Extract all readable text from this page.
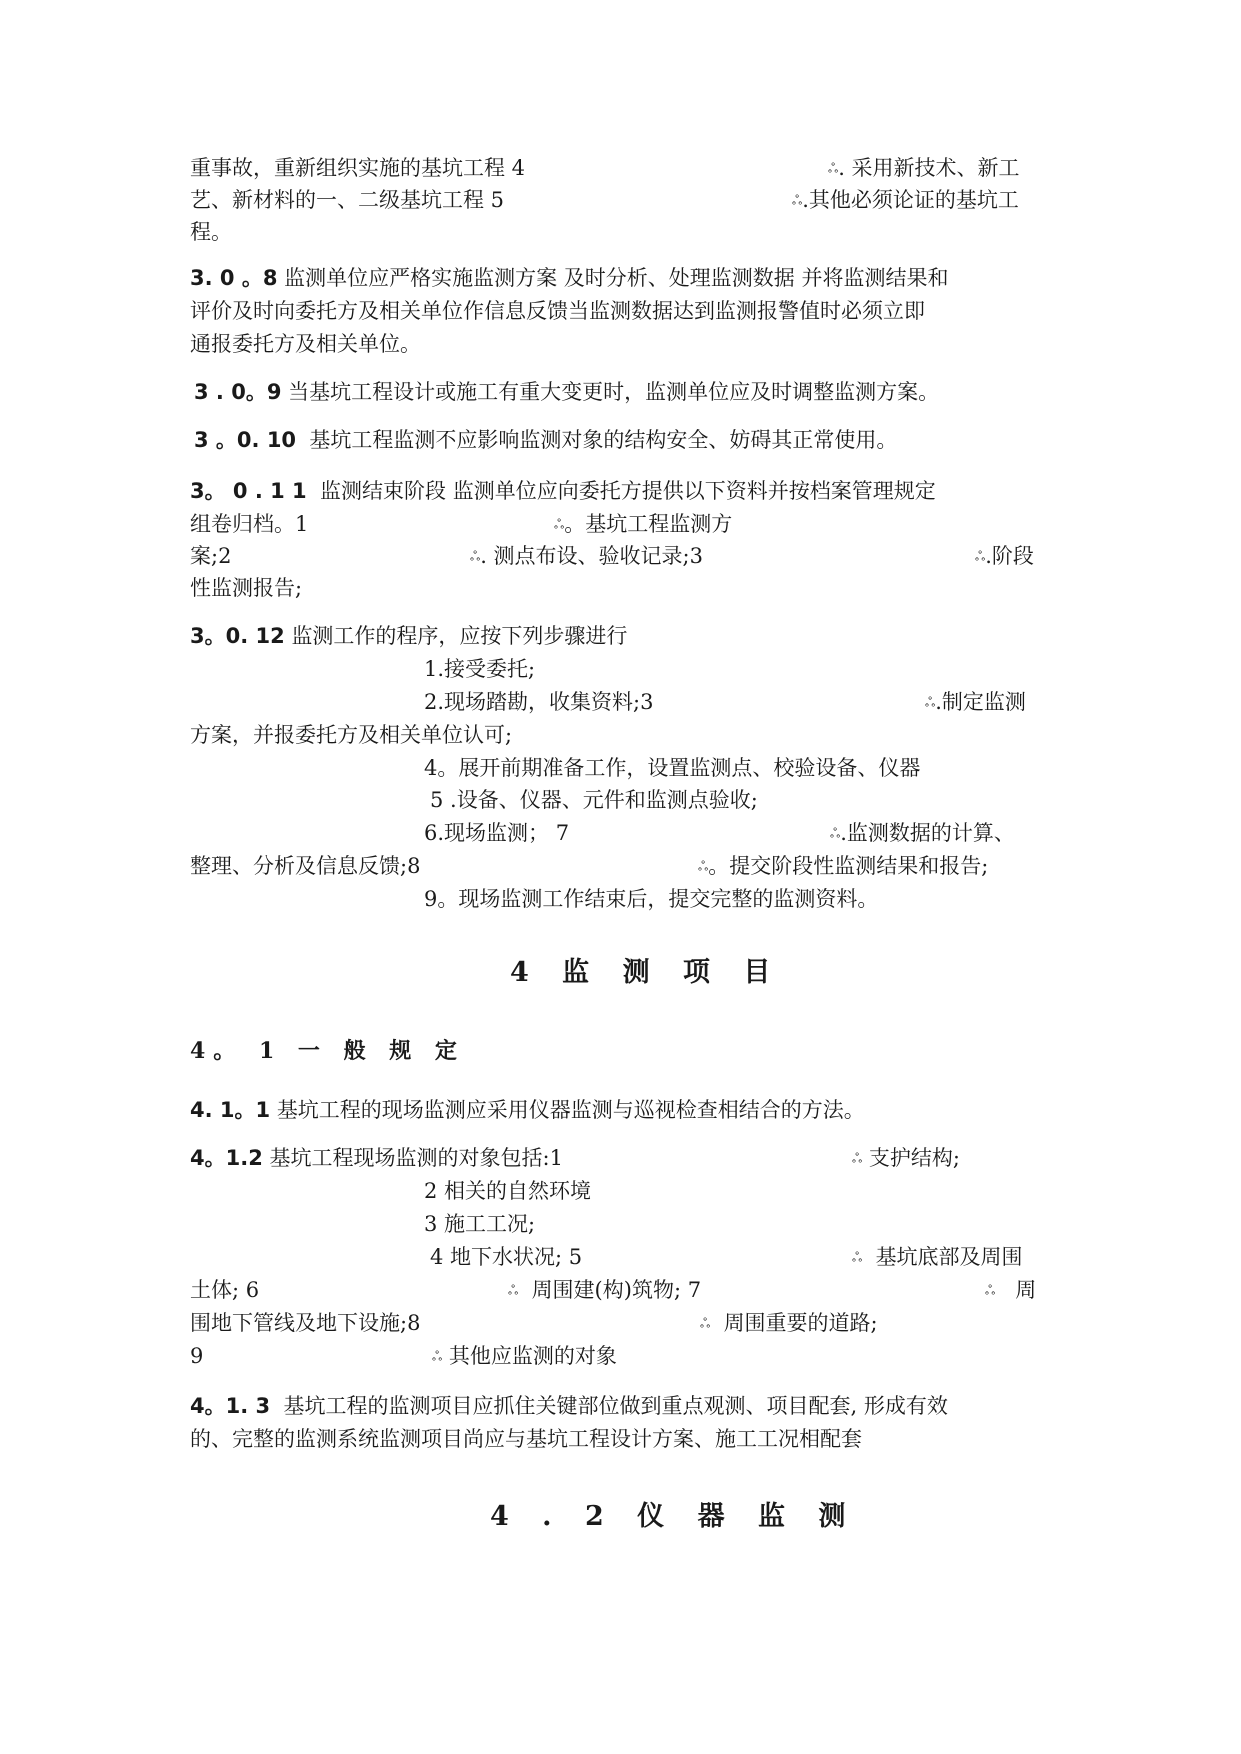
重事故，重新组织实施的基坑工程 4	ஃ. 采用新技术、新工
艺、新材料的一、二级基坑工程 5	ஃ.其他必须论证的基坑工
程。
3. 0 。8 监测单位应严格实施监测方案 及时分析、处理监测数据 并将监测结果和
评价及时向委托方及相关单位作信息反馈当监测数据达到监测报警值时必须立即
通报委托方及相关单位。
3 . 0。9 当基坑工程设计或施工有重大变更时，监测单位应及时调整监测方案。
3 。0. 10 基坑工程监测不应影响监测对象的结构安全、妨碍其正常使用。
3。 0 . 1 1 监测结束阶段 监测单位应向委托方提供以下资料并按档案管理规定
组卷归档。1	ஃ。基坑工程监测方
案;2	ஃ. 测点布设、验收记录;3	ஃ.阶段
性监测报告;
3。0. 12 监测工作的程序，应按下列步骤进行
1.接受委托;
2.现场踏勘，收集资料;3	ஃ.制定监测
方案，并报委托方及相关单位认可;
4。展开前期准备工作，设置监测点、校验设备、仪器
5 .设备、仪器、元件和监测点验收;
6.现场监测； 7	ஃ.监测数据的计算、
整理、分析及信息反馈;8	ஃ。提交阶段性监测结果和报告;
9。现场监测工作结束后，提交完整的监测资料。
4 监 测 项 目
4。 1 一 般 规 定
4. 1。1 基坑工程的现场监测应采用仪器监测与巡视检查相结合的方法。
4。1.2 基坑工程现场监测的对象包括:1	ஃ 支护结构;
2 相关的自然环境
3 施工工况;
4 地下水状况; 5	ஃ 基坑底部及周围
土体; 6	ஃ 周围建(构)筑物; 7	ஃ 周
围地下管线及地下设施;8	ஃ 周围重要的道路;
9	ஃ 其他应监测的对象
4。1. 3 基坑工程的监测项目应抓住关键部位做到重点观测、项目配套, 形成有效
的、完整的监测系统监测项目尚应与基坑工程设计方案、施工工况相配套
4 . 2 仪 器 监 测
